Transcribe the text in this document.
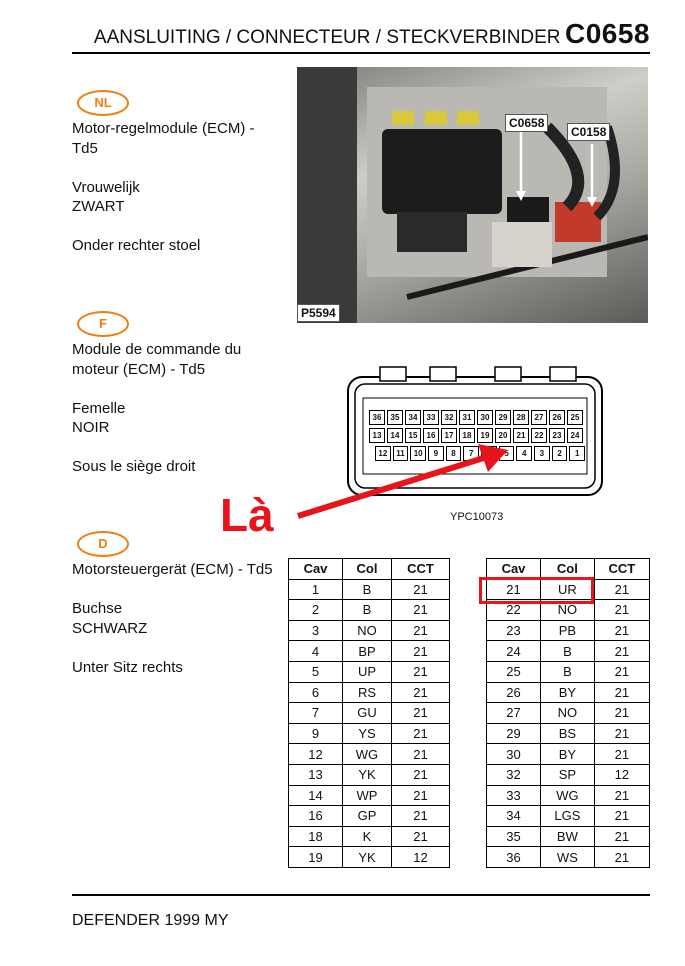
AANSLUITING / CONNECTEUR / STECKVERBINDER C0658
NL

Motor-regelmodule (ECM) - Td5

Vrouwelijk

ZWART

Onder rechter stoel

F

Module de commande du moteur (ECM) - Td5

Femelle

NOIR

Sous le siège droit

D

Motorsteuergerät (ECM) - Td5

Buchse

SCHWARZ

Unter Sitz rechts

C0658
C0158
P5594
36	35	34	33	32	31	30	29	28	27	26	25
13	14	15	16	17	18	19	20	21	22	23	24
12	11	10	9	8	7	5	4	3	2	1
YPC10073
Là
Cav	Col	CCT
1	B	21
2	B	21
3	NO	21
4	BP	21
5	UP	21
6	RS	21
7	GU	21
9	YS	21
12	WG	21
13	YK	21
14	WP	21
16	GP	21
18	K	21
19	YK	12
Cav	Col	CCT
21	UR	21
22	NO	21
23	PB	21
24	B	21
25	B	21
26	BY	21
27	NO	21
29	BS	21
30	BY	21
32	SP	12
33	WG	21
34	LGS	21
35	BW	21
36	WS	21
DEFENDER 1999 MY
